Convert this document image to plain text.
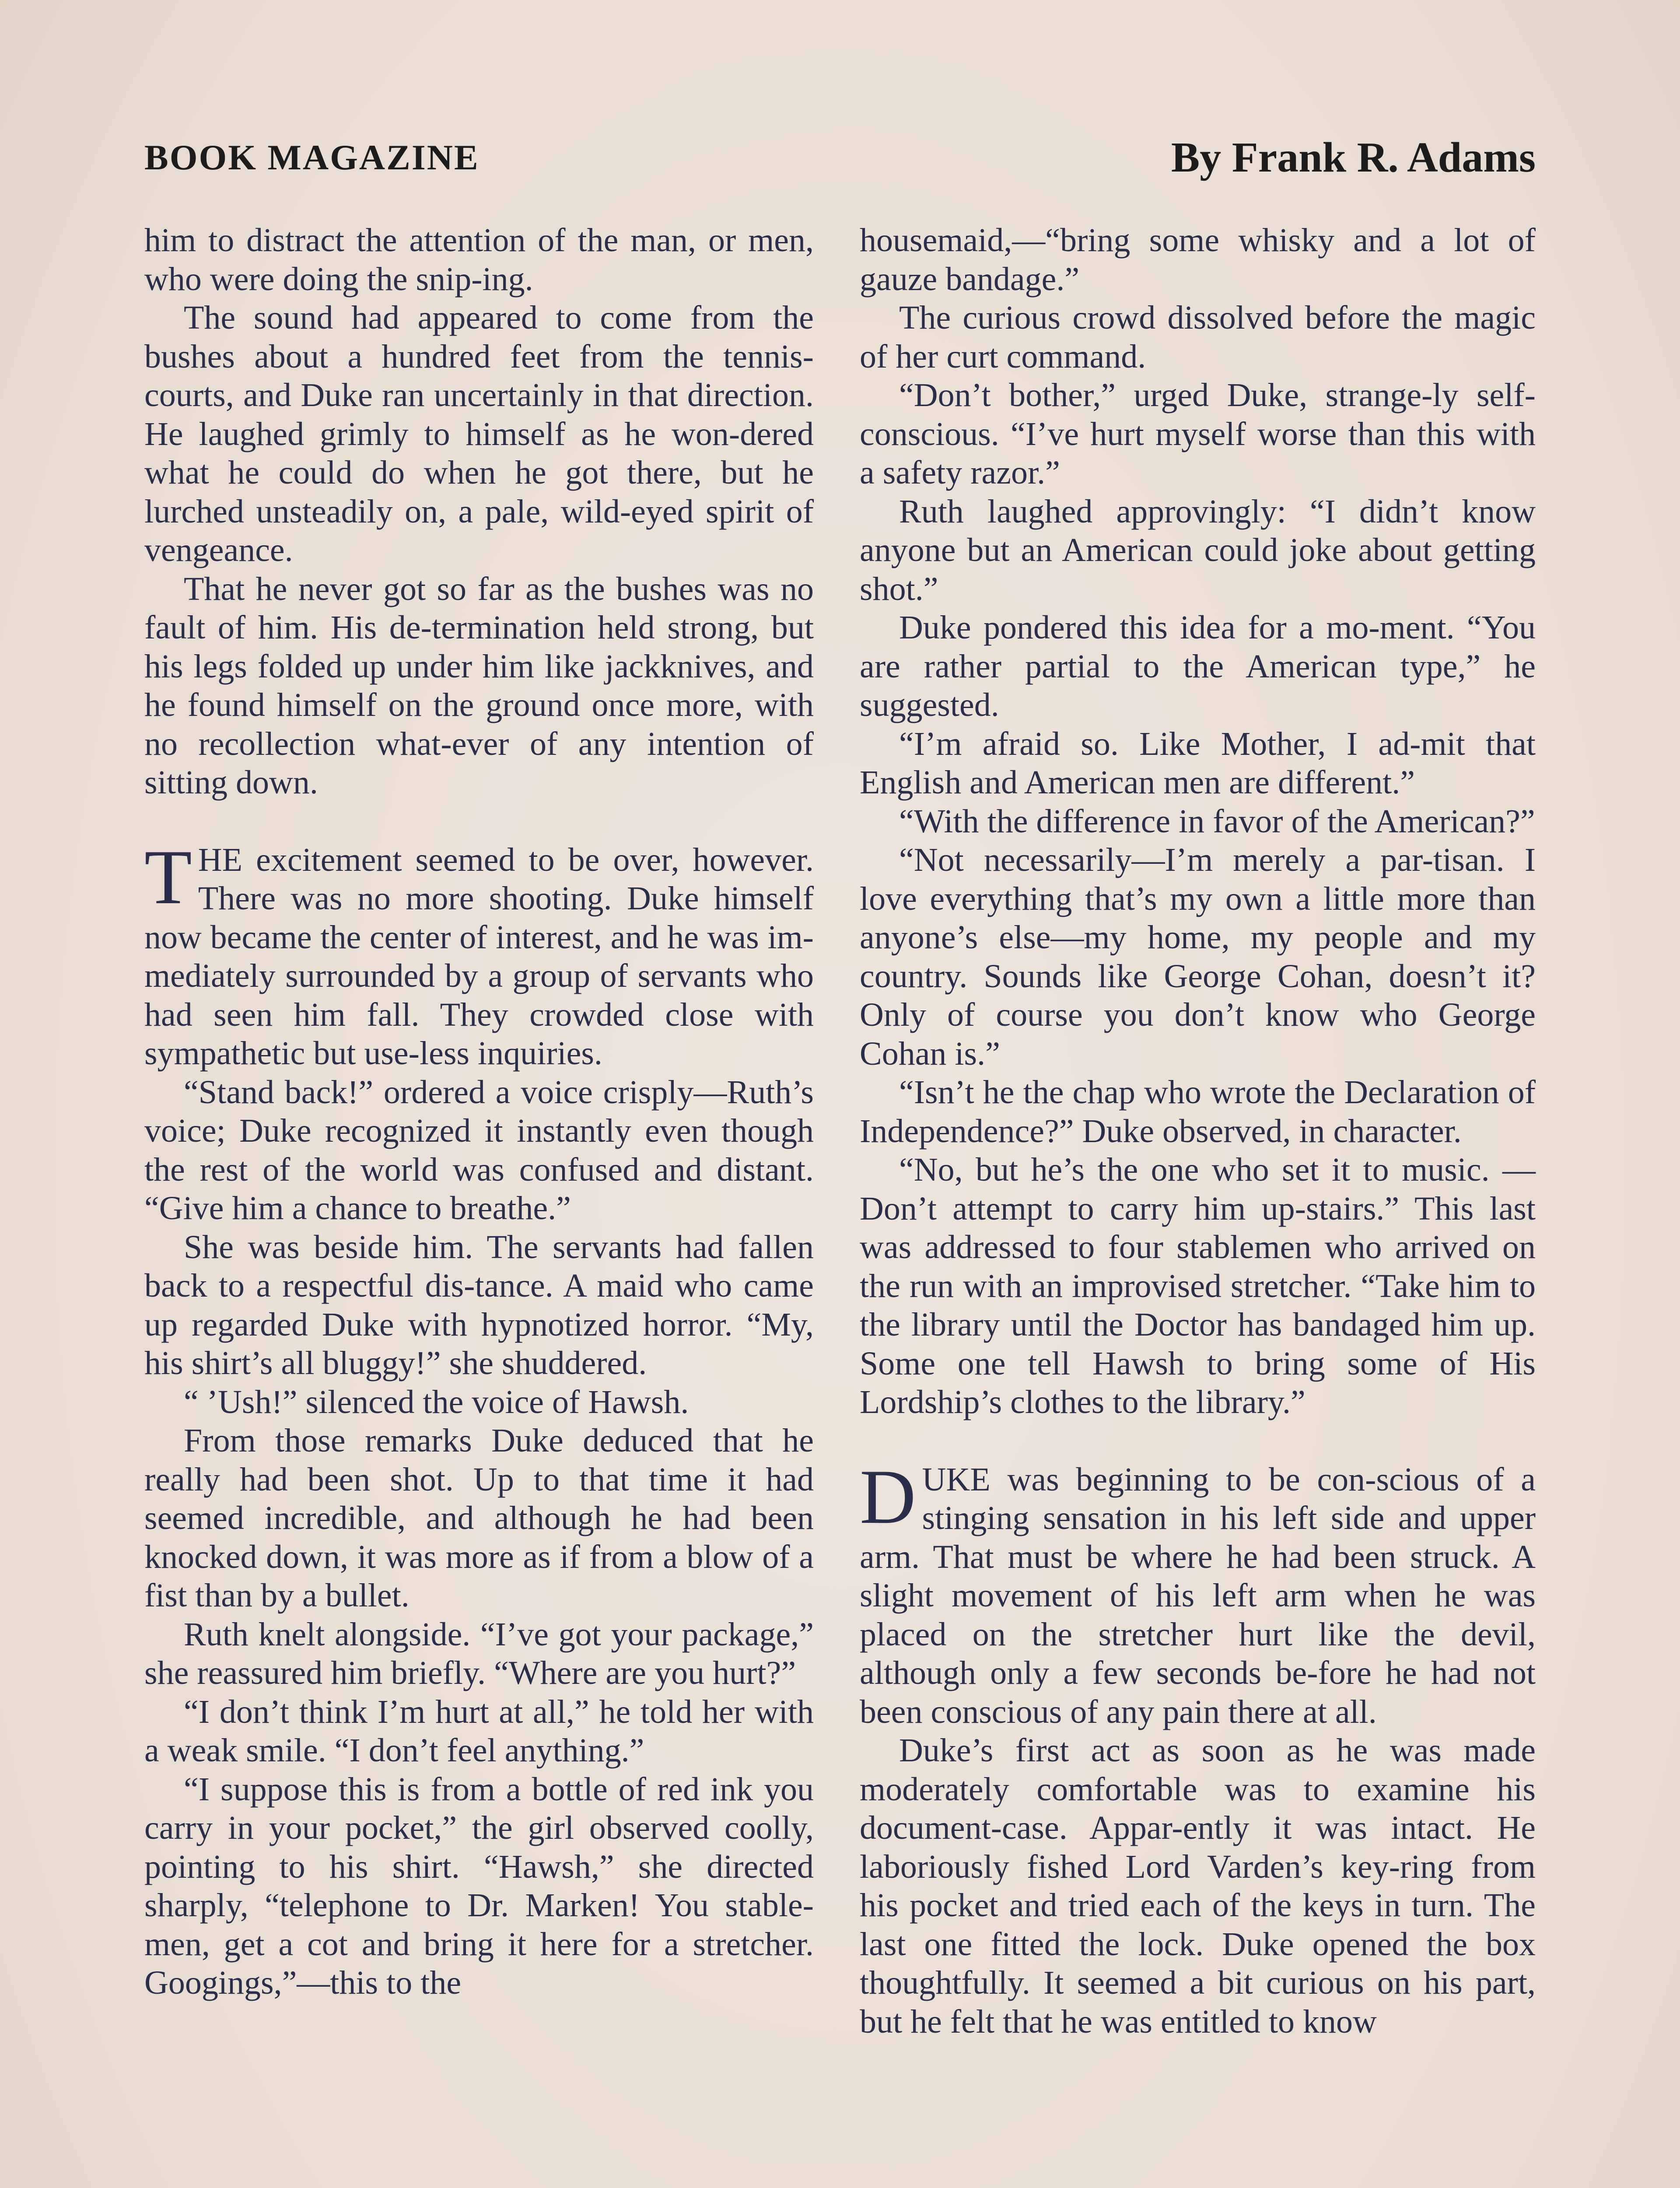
BOOK MAGAZINE	By Frank R. Adams

him to distract the attention of the man, or men, who were doing the snip-ing.

The sound had appeared to come from the bushes about a hundred feet from the tennis-courts, and Duke ran uncertainly in that direction. He laughed grimly to himself as he won-dered what he could do when he got there, but he lurched unsteadily on, a pale, wild-eyed spirit of vengeance.

That he never got so far as the bushes was no fault of him. His de-termination held strong, but his legs folded up under him like jackknives, and he found himself on the ground once more, with no recollection what-ever of any intention of sitting down.

THE excitement seemed to be over, however. There was no more shooting. Duke himself now became the center of interest, and he was im-mediately surrounded by a group of servants who had seen him fall. They crowded close with sympathetic but use-less inquiries.

“Stand back!” ordered a voice crisply—Ruth’s voice; Duke recognized it instantly even though the rest of the world was confused and distant. “Give him a chance to breathe.”

She was beside him. The servants had fallen back to a respectful dis-tance. A maid who came up regarded Duke with hypnotized horror. “My, his shirt’s all bluggy!” she shuddered.

“ ’Ush!” silenced the voice of Hawsh.

From those remarks Duke deduced that he really had been shot. Up to that time it had seemed incredible, and although he had been knocked down, it was more as if from a blow of a fist than by a bullet.

Ruth knelt alongside. “I’ve got your package,” she reassured him briefly. “Where are you hurt?”

“I don’t think I’m hurt at all,” he told her with a weak smile. “I don’t feel anything.”

“I suppose this is from a bottle of red ink you carry in your pocket,” the girl observed coolly, pointing to his shirt. “Hawsh,” she directed sharply, “telephone to Dr. Marken! You stable-men, get a cot and bring it here for a stretcher. Googings,”—this to the

housemaid,—“bring some whisky and a lot of gauze bandage.”

The curious crowd dissolved before the magic of her curt command.

“Don’t bother,” urged Duke, strange-ly self-conscious. “I’ve hurt myself worse than this with a safety razor.”

Ruth laughed approvingly: “I didn’t know anyone but an American could joke about getting shot.”

Duke pondered this idea for a mo-ment. “You are rather partial to the American type,” he suggested.

“I’m afraid so. Like Mother, I ad-mit that English and American men are different.”

“With the difference in favor of the American?”

“Not necessarily—I’m merely a par-tisan. I love everything that’s my own a little more than anyone’s else—my home, my people and my country. Sounds like George Cohan, doesn’t it? Only of course you don’t know who George Cohan is.”

“Isn’t he the chap who wrote the Declaration of Independence?” Duke observed, in character.

“No, but he’s the one who set it to music. —Don’t attempt to carry him up-stairs.” This last was addressed to four stablemen who arrived on the run with an improvised stretcher. “Take him to the library until the Doctor has bandaged him up. Some one tell Hawsh to bring some of His Lordship’s clothes to the library.”

DUKE was beginning to be con-scious of a stinging sensation in his left side and upper arm. That must be where he had been struck. A slight movement of his left arm when he was placed on the stretcher hurt like the devil, although only a few seconds be-fore he had not been conscious of any pain there at all.

Duke’s first act as soon as he was made moderately comfortable was to examine his document-case. Appar-ently it was intact. He laboriously fished Lord Varden’s key-ring from his pocket and tried each of the keys in turn. The last one fitted the lock. Duke opened the box thoughtfully. It seemed a bit curious on his part, but he felt that he was entitled to know
